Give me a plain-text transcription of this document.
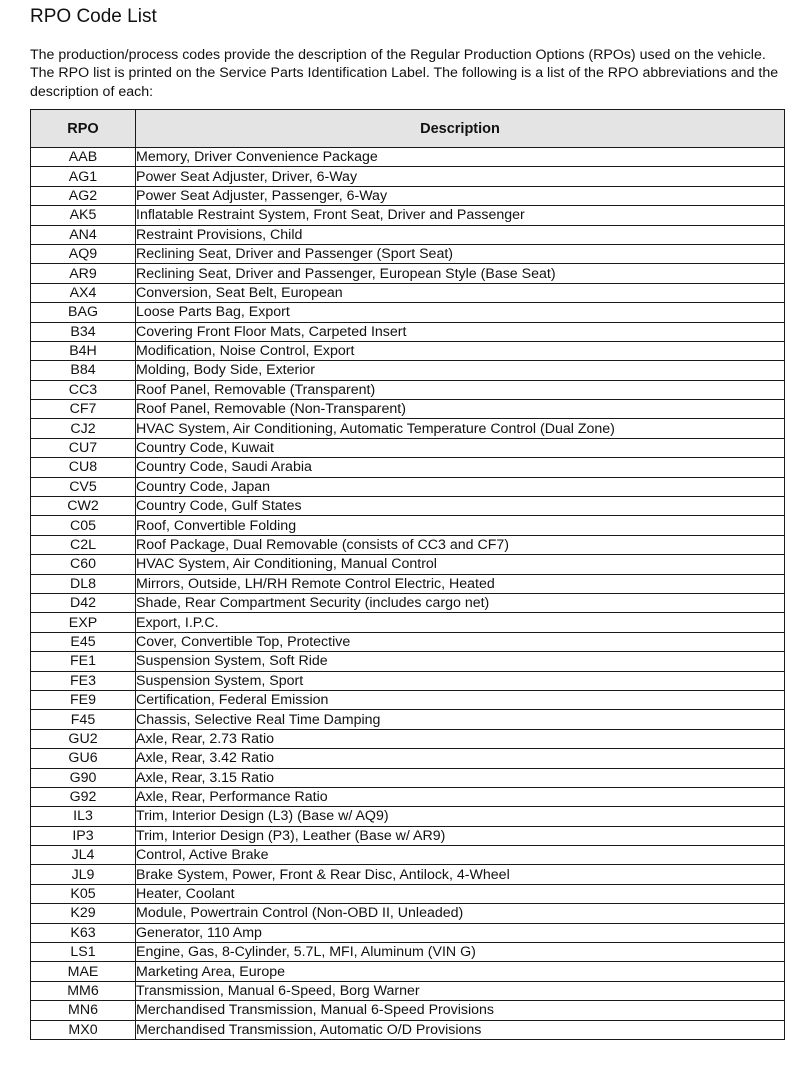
RPO Code List

The production/process codes provide the description of the Regular Production Options (RPOs) used on the vehicle. The RPO list is printed on the Service Parts Identification Label. The following is a list of the RPO abbreviations and the description of each:

RPO	Description
AAB	Memory, Driver Convenience Package
AG1	Power Seat Adjuster, Driver, 6-Way
AG2	Power Seat Adjuster, Passenger, 6-Way
AK5	Inflatable Restraint System, Front Seat, Driver and Passenger
AN4	Restraint Provisions, Child
AQ9	Reclining Seat, Driver and Passenger (Sport Seat)
AR9	Reclining Seat, Driver and Passenger, European Style (Base Seat)
AX4	Conversion, Seat Belt, European
BAG	Loose Parts Bag, Export
B34	Covering Front Floor Mats, Carpeted Insert
B4H	Modification, Noise Control, Export
B84	Molding, Body Side, Exterior
CC3	Roof Panel, Removable (Transparent)
CF7	Roof Panel, Removable (Non-Transparent)
CJ2	HVAC System, Air Conditioning, Automatic Temperature Control (Dual Zone)
CU7	Country Code, Kuwait
CU8	Country Code, Saudi Arabia
CV5	Country Code, Japan
CW2	Country Code, Gulf States
C05	Roof, Convertible Folding
C2L	Roof Package, Dual Removable (consists of CC3 and CF7)
C60	HVAC System, Air Conditioning, Manual Control
DL8	Mirrors, Outside, LH/RH Remote Control Electric, Heated
D42	Shade, Rear Compartment Security (includes cargo net)
EXP	Export, I.P.C.
E45	Cover, Convertible Top, Protective
FE1	Suspension System, Soft Ride
FE3	Suspension System, Sport
FE9	Certification, Federal Emission
F45	Chassis, Selective Real Time Damping
GU2	Axle, Rear, 2.73 Ratio
GU6	Axle, Rear, 3.42 Ratio
G90	Axle, Rear, 3.15 Ratio
G92	Axle, Rear, Performance Ratio
IL3	Trim, Interior Design (L3) (Base w/ AQ9)
IP3	Trim, Interior Design (P3), Leather (Base w/ AR9)
JL4	Control, Active Brake
JL9	Brake System, Power, Front & Rear Disc, Antilock, 4-Wheel
K05	Heater, Coolant
K29	Module, Powertrain Control (Non-OBD II, Unleaded)
K63	Generator, 110 Amp
LS1	Engine, Gas, 8-Cylinder, 5.7L, MFI, Aluminum (VIN G)
MAE	Marketing Area, Europe
MM6	Transmission, Manual 6-Speed, Borg Warner
MN6	Merchandised Transmission, Manual 6-Speed Provisions
MX0	Merchandised Transmission, Automatic O/D Provisions
